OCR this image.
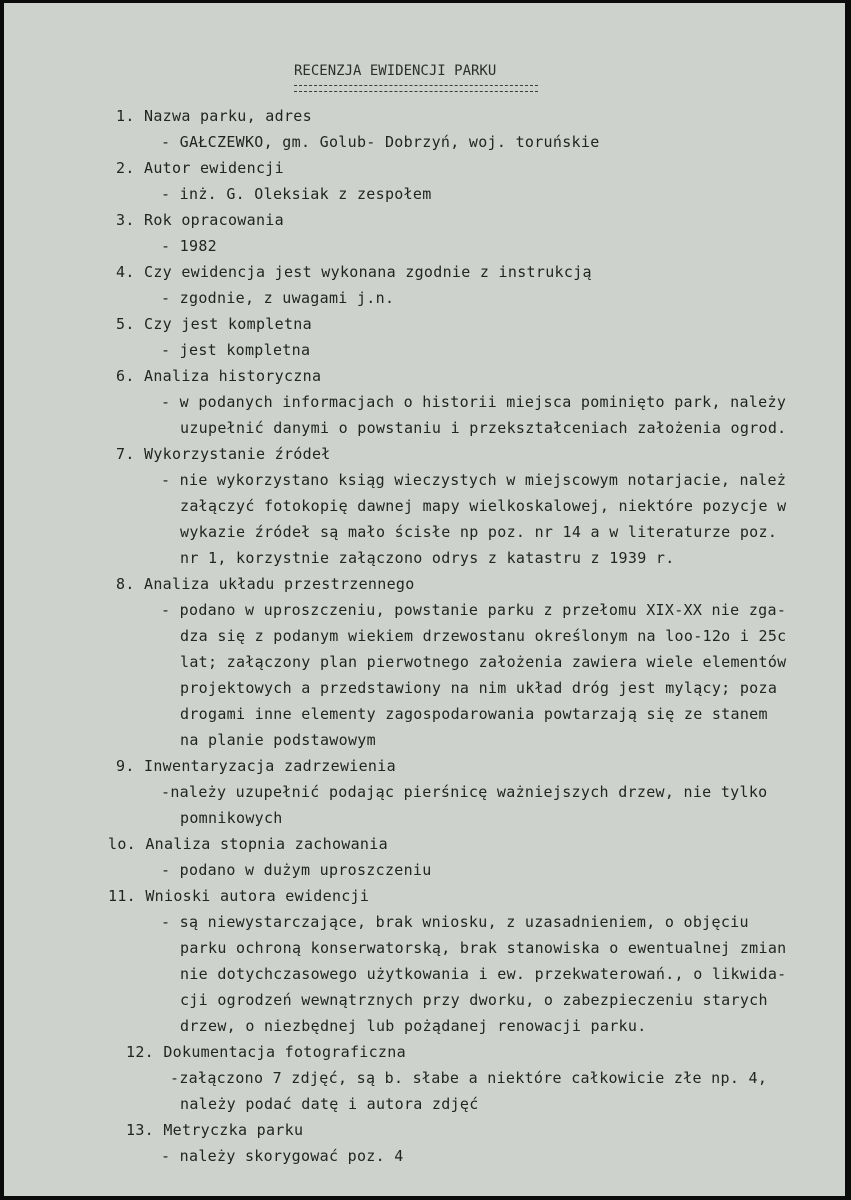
RECENZJA EWIDENCJI PARKU
1. Nazwa parku, adres
- GAŁCZEWKO, gm. Golub- Dobrzyń, woj. toruńskie
2. Autor ewidencji
- inż. G. Oleksiak z zespołem
3. Rok opracowania
- 1982
4. Czy ewidencja jest wykonana zgodnie z instrukcją
- zgodnie, z uwagami j.n.
5. Czy jest kompletna
- jest kompletna
6. Analiza historyczna
- w podanych informacjach o historii miejsca pominięto park, należy
uzupełnić danymi o powstaniu i przekształceniach założenia ogrod.
7. Wykorzystanie źródeł
- nie wykorzystano ksiąg wieczystych w miejscowym notarjacie, należ
załączyć fotokopię dawnej mapy wielkoskalowej, niektóre pozycje w
wykazie źródeł są mało ścisłe np poz. nr 14 a w literaturze poz.
nr 1, korzystnie załączono odrys z katastru z 1939 r.
8. Analiza układu przestrzennego
- podano w uproszczeniu, powstanie parku z przełomu XIX-XX nie zga-
dza się z podanym wiekiem drzewostanu określonym na loo-12o i 25c
lat; załączony plan pierwotnego założenia zawiera wiele elementów
projektowych a przedstawiony na nim układ dróg jest mylący; poza
drogami inne elementy zagospodarowania powtarzają się ze stanem
na planie podstawowym
9. Inwentaryzacja zadrzewienia
-należy uzupełnić podając pierśnicę ważniejszych drzew, nie tylko
pomnikowych
lo. Analiza stopnia zachowania
- podano w dużym uproszczeniu
11. Wnioski autora ewidencji
- są niewystarczające, brak wniosku, z uzasadnieniem, o objęciu
parku ochroną konserwatorską, brak stanowiska o ewentualnej zmian
nie dotychczasowego użytkowania i ew. przekwaterowań., o likwida-
cji ogrodzeń wewnątrznych przy dworku, o zabezpieczeniu starych
drzew, o niezbędnej lub pożądanej renowacji parku.
12. Dokumentacja fotograficzna
-załączono 7 zdjęć, są b. słabe a niektóre całkowicie złe np. 4,
należy podać datę i autora zdjęć
13. Metryczka parku
- należy skorygować poz. 4
